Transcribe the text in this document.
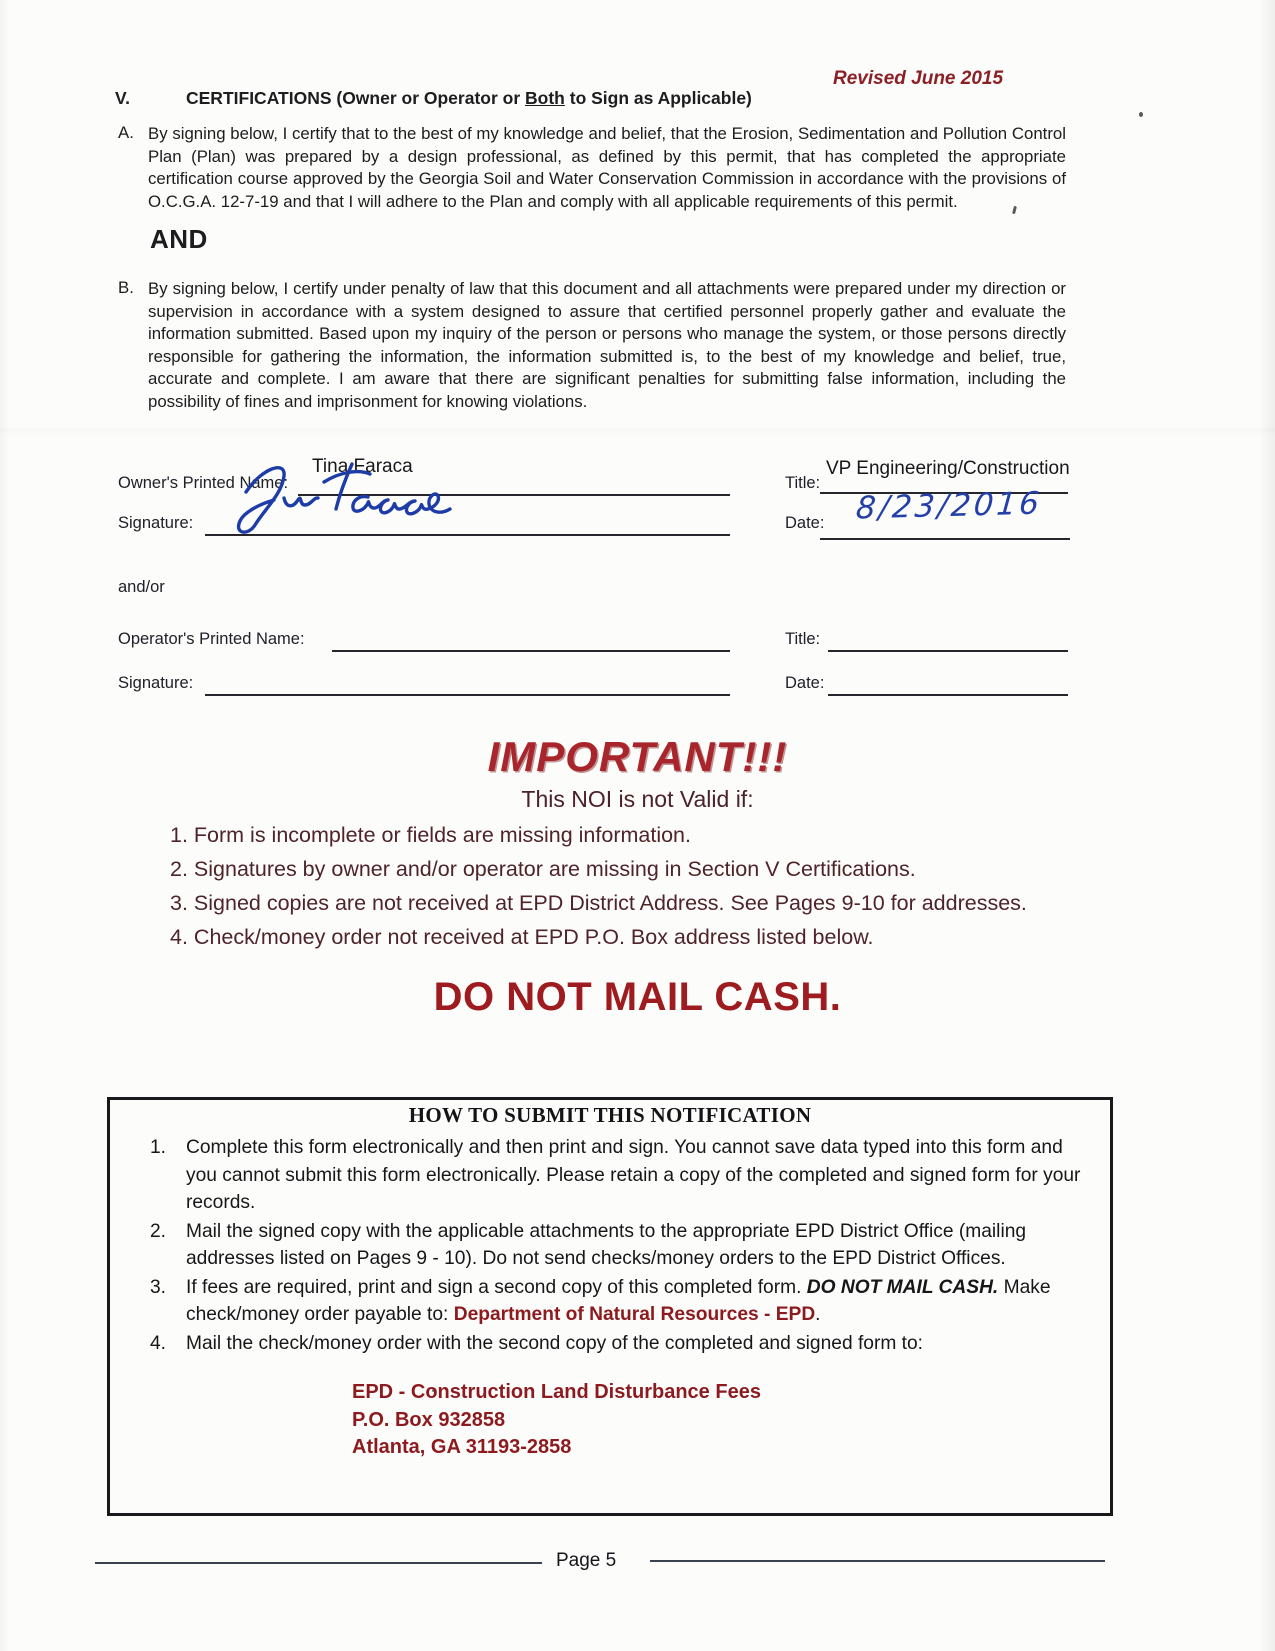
Revised June 2015
V.	CERTIFICATIONS (Owner or Operator or Both to Sign as Applicable)
A. By signing below, I certify that to the best of my knowledge and belief, that the Erosion, Sedimentation and Pollution Control Plan (Plan) was prepared by a design professional, as defined by this permit, that has completed the appropriate certification course approved by the Georgia Soil and Water Conservation Commission in accordance with the provisions of O.C.G.A. 12-7-19 and that I will adhere to the Plan and comply with all applicable requirements of this permit.
AND
B. By signing below, I certify under penalty of law that this document and all attachments were prepared under my direction or supervision in accordance with a system designed to assure that certified personnel properly gather and evaluate the information submitted. Based upon my inquiry of the person or persons who manage the system, or those persons directly responsible for gathering the information, the information submitted is, to the best of my knowledge and belief, true, accurate and complete. I am aware that there are significant penalties for submitting false information, including the possibility of fines and imprisonment for knowing violations.
Owner's Printed Name:
Tina Faraca
Title:
VP Engineering/Construction
Signature:	Date: 8/23/2016
and/or
Operator's Printed Name:	Title:
Signature:	Date:
IMPORTANT!!!
This NOI is not Valid if:
1. Form is incomplete or fields are missing information.
2. Signatures by owner and/or operator are missing in Section V Certifications.
3. Signed copies are not received at EPD District Address. See Pages 9-10 for addresses.
4. Check/money order not received at EPD P.O. Box address listed below.
DO NOT MAIL CASH.
HOW TO SUBMIT THIS NOTIFICATION
1.	Complete this form electronically and then print and sign. You cannot save data typed into this form and you cannot submit this form electronically. Please retain a copy of the completed and signed form for your records.
2.	Mail the signed copy with the applicable attachments to the appropriate EPD District Office (mailing addresses listed on Pages 9 - 10). Do not send checks/money orders to the EPD District Offices.
3.	If fees are required, print and sign a second copy of this completed form. DO NOT MAIL CASH. Make check/money order payable to: Department of Natural Resources - EPD.
4.	Mail the check/money order with the second copy of the completed and signed form to:
EPD - Construction Land Disturbance Fees
P.O. Box 932858
Atlanta, GA 31193-2858
Page 5
